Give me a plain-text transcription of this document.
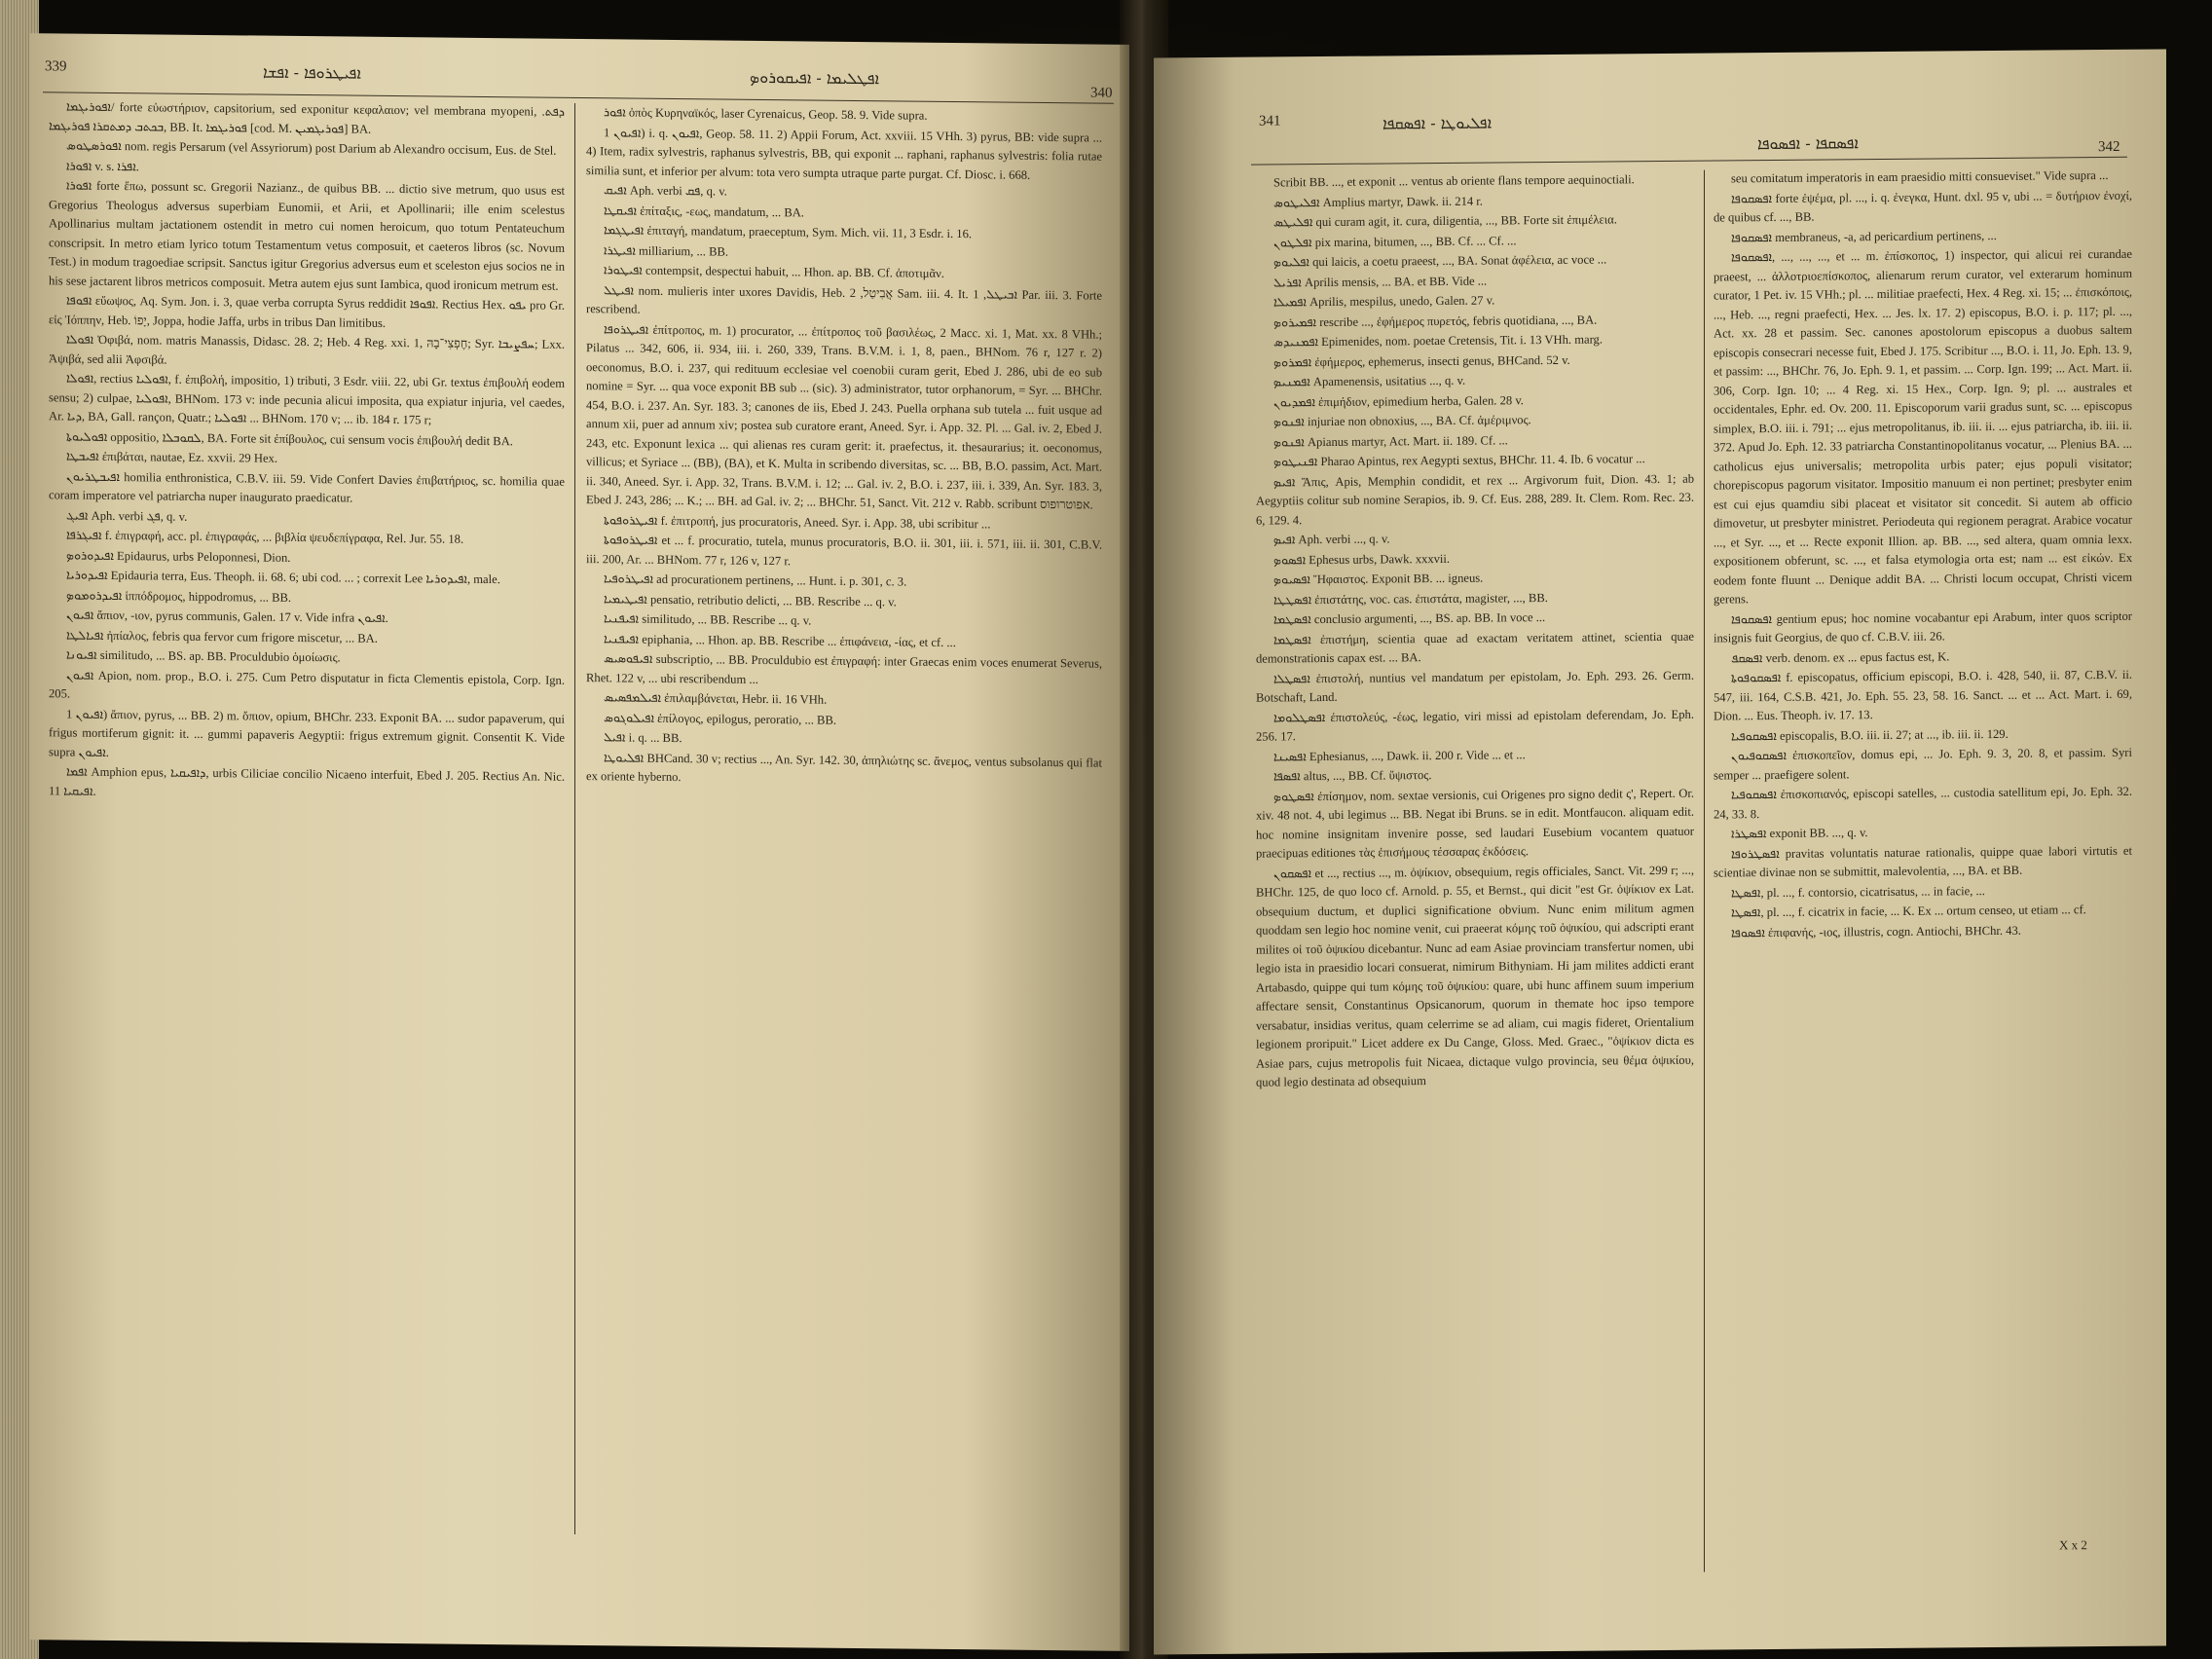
339	ܐܦܝܛܪܘܦܐ - ܐܦܫܐ	ܐܦܛܠܝܡܐ - ܐܦܝܩܘܪܘܤ
340

ܐܦܘܪܝܓܡܐ/ forte εὐωστήριον, capsitorium, sed exponitur κεφαλαιον; vel membrana myopeni, ܕܦܬ. ܒܟܬܒ ܕܡܬܩܪܐ ܦܘܪܝܓܡܐ, BB. It. ܦܘܪܝܓܡܐ [cod. M. ܦܘܪܝܓܡܝܢ] BA.

ܐܦܘܪܣܛܘܣ nom. regis Persarum (vel Assyriorum) post Darium ab Alexandro occisum, Eus. de Stel.

ܐܦܘܪܐ v. s. ܐܦܪܐ.

ܐܦܘܪܐ forte ἔπω, possunt sc. Gregorii Nazianz., de quibus BB. ... dictio sive metrum, quo usus est Gregorius Theologus adversus superbiam Eunomii, et Arii, et Apollinarii; ille enim scelestus Apollinarius multam jactationem ostendit in metro cui nomen heroicum, quo totum Pentateuchum conscripsit. In metro etiam lyrico totum Testamentum vetus composuit, et caeteros libros (sc. Novum Test.) in modum tragoediae scripsit. Sanctus igitur Gregorius adversus eum et sceleston ejus socios ne in his sese jactarent libros metricos composuit. Metra autem ejus sunt Iambica, quod ironicum metrum est.

ܐܦܘܦܐ εὔωψος, Aq. Sym. Jon. i. 3, quae verba corrupta Syrus reddidit ܐܦܘܦܐ. Rectius Hex. ܝܦܘ pro Gr. εἰς Ἰόππην, Heb. יָפוֹ, Joppa, hodie Jaffa, urbs in tribus Dan limitibus.

ܐܦܘܠܐ Ὀφιβά, nom. matris Manassis, Didasc. 28. 2; Heb. 4 Reg. xxi. 1, חֶפְצִי־בָהּ; Syr. ܚܦܨܝܒܐ; Lxx. Ἀψιβά, sed alii Ἀφσιβά.

ܐܦܘܠܐ, rectius ܐܦܘܠܝܐ, f. ἐπιβολή, impositio, 1) tributi, 3 Esdr. viii. 22, ubi Gr. textus ἐπιβουλή eodem sensu; 2) culpae, ܐܦܘܠܝܐ, BHNom. 173 v: inde pecunia alicui imposita, qua expiatur injuria, vel caedes, Ar. ܕܝܐ, BA, Gall. rançon, Quatr.; ܐܦܘܠܝܐ ... BHNom. 170 v; ... ib. 184 r. 175 r;

ܐܦܘܠܝܘܬܐ oppositio, ܠܩܘܒܠܐ, BA. Forte sit ἐπίβουλος, cui sensum vocis ἐπιβουλή dedit BA.

ܐܦܝܒܛܐ ἐπιβάται, nautae, Ez. xxvii. 29 Hex.

ܐܦܝܒܛܪܝܘܢ homilia enthronistica, C.B.V. iii. 59. Vide Confert Davies ἐπιβατήριος, sc. homilia quae coram imperatore vel patriarcha nuper inaugurato praedicatur.

ܐܦܝܓ Aph. verbi ܦܓ, q. v.

ܐܦܝܓܪܦܐ f. ἐπιγραφή, acc. pl. ἐπιγραφάς, ... βιβλία ψευδεπίγραφα, Rel. Jur. 55. 18.

ܐܦܝܕܘܪܘܤ Epidaurus, urbs Peloponnesi, Dion.

ܐܦܝܕܘܪܝܐ Epidauria terra, Eus. Theoph. ii. 68. 6; ubi cod. ... ; correxit Lee ܐܦܝܕܘܪܝܐ, male.

ܐܦܝܕܪܘܡܘܤ ἱππόδρομος, hippodromus, ... BB.

ܐܦܝܘܢ ἄπιον, -ιον, pyrus communis, Galen. 17 v. Vide infra ܐܦܝܘܢ.

ܐܦܝܐܠܛܐ ἠπίαλος, febris qua fervor cum frigore miscetur, ... BA.

ܐܦܝܘܢܐ similitudo, ... BS. ap. BB. Proculdubio ὁμοίωσις.

ܐܦܝܘܢ Apion, nom. prop., B.O. i. 275. Cum Petro disputatur in ficta Clementis epistola, Corp. Ign. 205.

ܐܦܝܘܢ 1) ἄπιον, pyrus, ... BB. 2) m. ὄπιον, opium, BHChr. 233. Exponit BA. ... sudor papaverum, qui frigus mortiferum gignit: it. ... gummi papaveris Aegyptii: frigus extremum gignit. Consentit K. Vide supra ܐܦܝܘܢ.

ܐܦܡܐ Amphion epus, ܕܐܦܝܩܝܐ, urbis Ciliciae concilio Nicaeno interfuit, Ebed J. 205. Rectius An. Nic. 11 ܐܦܝܩܝܐ.

ܐܦܘܪ ὀπὸς Κυρηναϊκός, laser Cyrenaicus, Geop. 58. 9. Vide supra.

ܐܦܝܘܢ 1) i. q. ܐܦܝܘܢ, Geop. 58. 11. 2) Appii Forum, Act. xxviii. 15 VHh. 3) pyrus, BB: vide supra ... 4) Item, radix sylvestris, raphanus sylvestris, BB, qui exponit ... raphani, raphanus sylvestris: folia rutae similia sunt, et inferior per alvum: tota vero sumpta utraque parte purgat. Cf. Diosc. i. 668.

ܐܦܝܩ Aph. verbi ܦܩ, q. v.

ܐܦܝܩܛܐ ἐπίταξις, -εως, mandatum, ... BA.

ܐܦܝܛܓܡܐ ἐπιταγή, mandatum, praeceptum, Sym. Mich. vii. 11, 3 Esdr. i. 16.

ܐܦܝܛܪܐ milliarium, ... BB.

ܐܦܝܛܘܪܐ contempsit, despectui habuit, ... Hhon. ap. BB. Cf. ἀποτιμᾶν.

ܐܦܝܛܠ nom. mulieris inter uxores Davidis, Heb. אֲבִיטַל, 2 Sam. iii. 4. It. ܐܒܝܛܠ, 1 Par. iii. 3. Forte rescribend.

ܐܦܝܛܪܘܦܐ ἐπίτροπος, m. 1) procurator, ... ἐπίτροπος τοῦ βασιλέως, 2 Macc. xi. 1, Mat. xx. 8 VHh.; Pilatus ... 342, 606, ii. 934, iii. i. 260, 339, Trans. B.V.M. i. 1, 8, paen., BHNom. 76 r, 127 r. 2) oeconomus, B.O. i. 237, qui redituum ecclesiae vel coenobii curam gerit, Ebed J. 286, ubi de eo sub nomine = Syr. ... qua voce exponit BB sub ... (sic). 3) administrator, tutor orphanorum, = Syr. ... BHChr. 454, B.O. i. 237. An. Syr. 183. 3; canones de iis, Ebed J. 243. Puella orphana sub tutela ... fuit usque ad annum xii, puer ad annum xiv; postea sub curatore erant, Aneed. Syr. i. App. 32. Pl. ... Gal. iv. 2, Ebed J. 243, etc. Exponunt lexica ... qui alienas res curam gerit: it. praefectus, it. thesaurarius; it. oeconomus, villicus; et Syriace ... (BB), (BA), et K. Multa in scribendo diversitas, sc. ... BB, B.O. passim, Act. Mart. ii. 340, Aneed. Syr. i. App. 32, Trans. B.V.M. i. 12; ... Gal. iv. 2, B.O. i. 237, iii. i. 339, An. Syr. 183. 3, Ebed J. 243, 286; ... K.; ... BH. ad Gal. iv. 2; ... BHChr. 51, Sanct. Vit. 212 v. Rabb. scribunt אפוטרופוס.

ܐܦܝܛܪܘܦܘܬܐ f. ἐπιτροπή, jus procuratoris, Aneed. Syr. i. App. 38, ubi scribitur ...

ܐܦܝܛܪܘܦܘܬܐ et ... f. procuratio, tutela, munus procuratoris, B.O. ii. 301, iii. i. 571, iii. ii. 301, C.B.V. iii. 200, Ar. ... BHNom. 77 r, 126 v, 127 r.

ܐܦܝܛܪܘܦܝܐ ad procurationem pertinens, ... Hunt. i. p. 301, c. 3.

ܐܦܝܛܝܡܝܐ pensatio, retributio delicti, ... BB. Rescribe ... q. v.

ܐܦܝܦܢܝܐ similitudo, ... BB. Rescribe ... q. v.

ܐܦܝܦܢܝܐ epiphania, ... Hhon. ap. BB. Rescribe ... ἐπιφάνεια, -ίας, et cf. ...

ܐܦܝܦܘܣܝܣ subscriptio, ... BB. Proculdubio est ἐπιγραφή: inter Graecas enim voces enumerat Severus, Rhet. 122 v, ... ubi rescribendum ...

ܐܦܝܠܡܦܣܝܣ ἐπιλαμβάνεται, Hebr. ii. 16 VHh.

ܐܦܝܠܘܓܘܣ ἐπίλογος, epilogus, peroratio, ... BB.

ܐܦܝܠ i. q. ... BB.

ܐܦܠܝܘܛܐ BHCand. 30 v; rectius ..., An. Syr. 142. 30, ἀπηλιώτης sc. ἄνεμος, ventus subsolanus qui flat ex oriente hyberno.

341	ܐܦܠܝܘܛܐ - ܐܦܣܩܦܐ
ܐܦܣܩܦܐ - ܐܦܣܘܦܐ	342

Scribit BB. ..., et exponit ... ventus ab oriente flans tempore aequinoctiali.

ܐܦܠܝܛܘܣ Amplius martyr, Dawk. ii. 214 r.

ܐܦܠܝܛܣ qui curam agit, it. cura, diligentia, ..., BB. Forte sit ἐπιμέλεια.

ܐܦܠܛܘܢ pix marina, bitumen, ..., BB. Cf. ... Cf. ...

ܐܦܠܝܘܤ qui laicis, a coetu praeest, ..., BA. Sonat ἀφέλεια, ac voce ...

ܐܦܪܝܠ Aprilis mensis, ... BA. et BB. Vide ...

ܐܦܡܝܠܐ Aprilis, mespilus, unedo, Galen. 27 v.

ܐܦܡܝܪܘܤ rescribe ..., ἐφήμερος πυρετός, febris quotidiana, ..., BA.

ܐܦܡܢܝܕܣ Epimenides, nom. poetae Cretensis, Tit. i. 13 VHh. marg.

ܐܦܡܪܘܤ ἐφήμερος, ephemerus, insecti genus, BHCand. 52 v.

ܐܦܡܢܝܤ Apamenensis, usitatius ..., q. v.

ܐܦܡܕܝܘܢ ἐπιμήδιον, epimedium herba, Galen. 28 v.

ܐܦܢܘܤ injuriae non obnoxius, ..., BA. Cf. ἀμέριμνος.

ܐܦܢܘܤ Apianus martyr, Act. Mart. ii. 189. Cf. ...

ܐܦܢܝܛܘܤ Pharao Apintus, rex Aegypti sextus, BHChr. 11. 4. Ib. 6 vocatur ...

ܐܦܝܤ Ἄπις, Apis, Memphin condidit, et rex ... Argivorum fuit, Dion. 43. 1; ab Aegyptiis colitur sub nomine Serapios, ib. 9. Cf. Eus. 288, 289. It. Clem. Rom. Rec. 23. 6, 129. 4.

ܐܦܝܤ Aph. verbi ..., q. v.

ܐܦܤܘܤ Ephesus urbs, Dawk. xxxvii.

ܐܦܤܝܘܤ Ἥφαιστος. Exponit BB. ... igneus.

ܐܦܤܛܛܐ ἐπιστάτης, voc. cas. ἐπιστάτα, magister, ..., BB.

ܐܦܤܛܡܐ conclusio argumenti, ..., BS. ap. BB. In voce ...

ܐܦܤܛܡܐ ἐπιστήμη, scientia quae ad exactam veritatem attinet, scientia quae demonstrationis capax est. ... BA.

ܐܦܤܛܠܐ ἐπιστολή, nuntius vel mandatum per epistolam, Jo. Eph. 293. 26. Germ. Botschaft, Land.

ܐܦܤܛܠܘܡܐ ἐπιστολεύς, -έως, legatio, viri missi ad epistolam deferendam, Jo. Eph. 256. 17.

ܐܦܤܝܢܐ Ephesianus, ..., Dawk. ii. 200 r. Vide ... et ...

ܐܦܤܦܐ altus, ..., BB. Cf. ὕψιστος.

ܐܦܤܛܘܤ ἐπίσημον, nom. sextae versionis, cui Origenes pro signo dedit ς', Repert. Or. xiv. 48 not. 4, ubi legimus ... BB. Negat ibi Bruns. se in edit. Montfaucon. aliquam edit. hoc nomine insignitam invenire posse, sed laudari Eusebium vocantem quatuor praecipuas editiones τὰς ἐπισήμους τέσσαρας ἐκδόσεις.

ܐܦܤܩܘܢ et ..., rectius ..., m. ὀψίκιον, obsequium, regis officiales, Sanct. Vit. 299 r; ..., BHChr. 125, de quo loco cf. Arnold. p. 55, et Bernst., qui dicit "est Gr. ὀψίκιον ex Lat. obsequium ductum, et duplici significatione obvium. Nunc enim militum agmen quoddam sen legio hoc nomine venit, cui praeerat κόμης τοῦ ὀψικίου, qui adscripti erant milites οἱ τοῦ ὀψικίου dicebantur. Nunc ad eam Asiae provinciam transfertur nomen, ubi legio ista in praesidio locari consuerat, nimirum Bithyniam. Hi jam milites addicti erant Artabasdo, quippe qui tum κόμης τοῦ ὀψικίου: quare, ubi hunc affinem suum imperium affectare sensit, Constantinus Opsicanorum, quorum in themate hoc ipso tempore versabatur, insidias veritus, quam celerrime se ad aliam, cui magis fideret, Orientalium legionem proripuit." Licet addere ex Du Cange, Gloss. Med. Graec., "ὀψίκιον dicta es Asiae pars, cujus metropolis fuit Nicaea, dictaque vulgo provincia, seu θέμα ὀψικίου, quod legio destinata ad obsequium

seu comitatum imperatoris in eam praesidio mitti consueviset." Vide supra ...

ܐܦܤܩܘܦܐ forte ἐψέμα, pl. ..., i. q. ἐνεγκα, Hunt. dxl. 95 v, ubi ... = δυτήριον ἐνοχί, de quibus cf. ..., BB.

ܐܦܤܩܘܦܐ membraneus, -a, ad pericardium pertinens, ...

ܐܦܤܩܘܦܐ, ..., ..., ..., et ... m. ἐπίσκοπος, 1) inspector, qui alicui rei curandae praeest, ... ἀλλοτριοεπίσκοπος, alienarum rerum curator, vel exterarum hominum curator, 1 Pet. iv. 15 VHh.; pl. ... militiae praefecti, Hex. 4 Reg. xi. 15; ... ἐπισκόποις, ..., Heb. ..., regni praefecti, Hex. ... Jes. lx. 17. 2) episcopus, B.O. i. p. 117; pl. ..., Act. xx. 28 et passim. Sec. canones apostolorum episcopus a duobus saltem episcopis consecrari necesse fuit, Ebed J. 175. Scribitur ..., B.O. i. 11, Jo. Eph. 13. 9, et passim: ..., BHChr. 76, Jo. Eph. 9. 1, et passim. ... Corp. Ign. 199; ... Act. Mart. ii. 306, Corp. Ign. 10; ... 4 Reg. xi. 15 Hex., Corp. Ign. 9; pl. ... australes et occidentales, Ephr. ed. Ov. 200. 11. Episcoporum varii gradus sunt, sc. ... episcopus simplex, B.O. iii. i. 791; ... ejus metropolitanus, ib. iii. ii. ... ejus patriarcha, ib. iii. ii. 372. Apud Jo. Eph. 12. 33 patriarcha Constantinopolitanus vocatur, ... Plenius BA. ... catholicus ejus universalis; metropolita urbis pater; ejus populi visitator; chorepiscopus pagorum visitator. Impositio manuum ei non pertinet; presbyter enim est cui ejus quamdiu sibi placeat et visitator sit concedit. Si autem ab officio dimovetur, ut presbyter ministret. Periodeuta qui regionem peragrat. Arabice vocatur ..., et Syr. ..., et ... Recte exponit Illion. ap. BB. ..., sed altera, quam omnia lexx. expositionem obferunt, sc. ..., et falsa etymologia orta est; nam ... est εἰκών. Ex eodem fonte fluunt ... Denique addit BA. ... Christi locum occupat, Christi vicem gerens.

ܐܦܤܩܘܦܐ gentium epus; hoc nomine vocabantur epi Arabum, inter quos scriptor insignis fuit Georgius, de quo cf. C.B.V. iii. 26.

ܐܦܤܩܦ verb. denom. ex ... epus factus est, K.

ܐܦܤܩܘܦܘܬܐ f. episcopatus, officium episcopi, B.O. i. 428, 540, ii. 87, C.B.V. ii. 547, iii. 164, C.S.B. 421, Jo. Eph. 55. 23, 58. 16. Sanct. ... et ... Act. Mart. i. 69, Dion. ... Eus. Theoph. iv. 17. 13.

ܐܦܤܩܘܦܝܐ episcopalis, B.O. iii. ii. 27; at ..., ib. iii. ii. 129.

ܐܦܤܩܘܦܝܘܢ ἐπισκοπεῖον, domus epi, ... Jo. Eph. 9. 3, 20. 8, et passim. Syri semper ... praefigere solent.

ܐܦܤܩܘܦܝܐ ἐπισκοπιανός, episcopi satelles, ... custodia satellitum epi, Jo. Eph. 32. 24, 33. 8.

ܐܦܤܛܪܐ exponit BB. ..., q. v.

ܐܦܤܛܪܘܦܐ pravitas voluntatis naturae rationalis, quippe quae labori virtutis et scientiae divinae non se submittit, malevolentia, ..., BA. et BB.

ܐܦܤܛܐ, pl. ..., f. contorsio, cicatrisatus, ... in facie, ...

ܐܦܤܛܐ, pl. ..., f. cicatrix in facie, ... K. Ex ... ortum censeo, ut etiam ... cf.

ܐܦܤܘܦܐ ἐπιφανής, -ιος, illustris, cogn. Antiochi, BHChr. 43.

X x 2
